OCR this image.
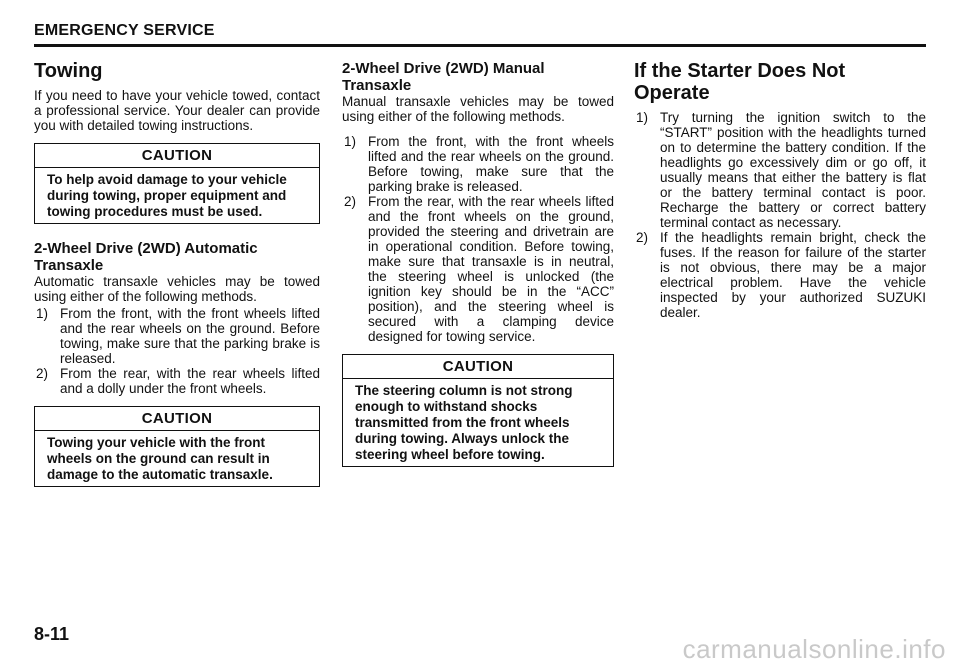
EMERGENCY SERVICE
Towing

If you need to have your vehicle towed, contact a professional service. Your dealer can provide you with detailed towing instructions.

CAUTION
To help avoid damage to your vehicle during towing, proper equipment and towing procedures must be used.
2-Wheel Drive (2WD) Automatic Transaxle

Automatic transaxle vehicles may be towed using either of the following methods.

1) From the front, with the front wheels lifted and the rear wheels on the ground. Before towing, make sure that the parking brake is released.
2) From the rear, with the rear wheels lifted and a dolly under the front wheels.
CAUTION
Towing your vehicle with the front wheels on the ground can result in damage to the automatic transaxle.
2-Wheel Drive (2WD) Manual Transaxle

Manual transaxle vehicles may be towed using either of the following methods.

1) From the front, with the front wheels lifted and the rear wheels on the ground. Before towing, make sure that the parking brake is released.
2) From the rear, with the rear wheels lifted and the front wheels on the ground, provided the steering and drivetrain are in operational condition. Before towing, make sure that transaxle is in neutral, the steering wheel is unlocked (the ignition key should be in the “ACC” position), and the steering wheel is secured with a clamping device designed for towing service.
CAUTION
The steering column is not strong enough to withstand shocks transmitted from the front wheels during towing. Always unlock the steering wheel before towing.
If the Starter Does Not Operate
1) Try turning the ignition switch to the “START” position with the headlights turned on to determine the battery condition. If the headlights go excessively dim or go off, it usually means that either the battery is flat or the battery terminal contact is poor. Recharge the battery or correct battery terminal contact as necessary.
2) If the headlights remain bright, check the fuses. If the reason for failure of the starter is not obvious, there may be a major electrical problem. Have the vehicle inspected by your authorized SUZUKI dealer.
8-11	carmanualsonline.info
